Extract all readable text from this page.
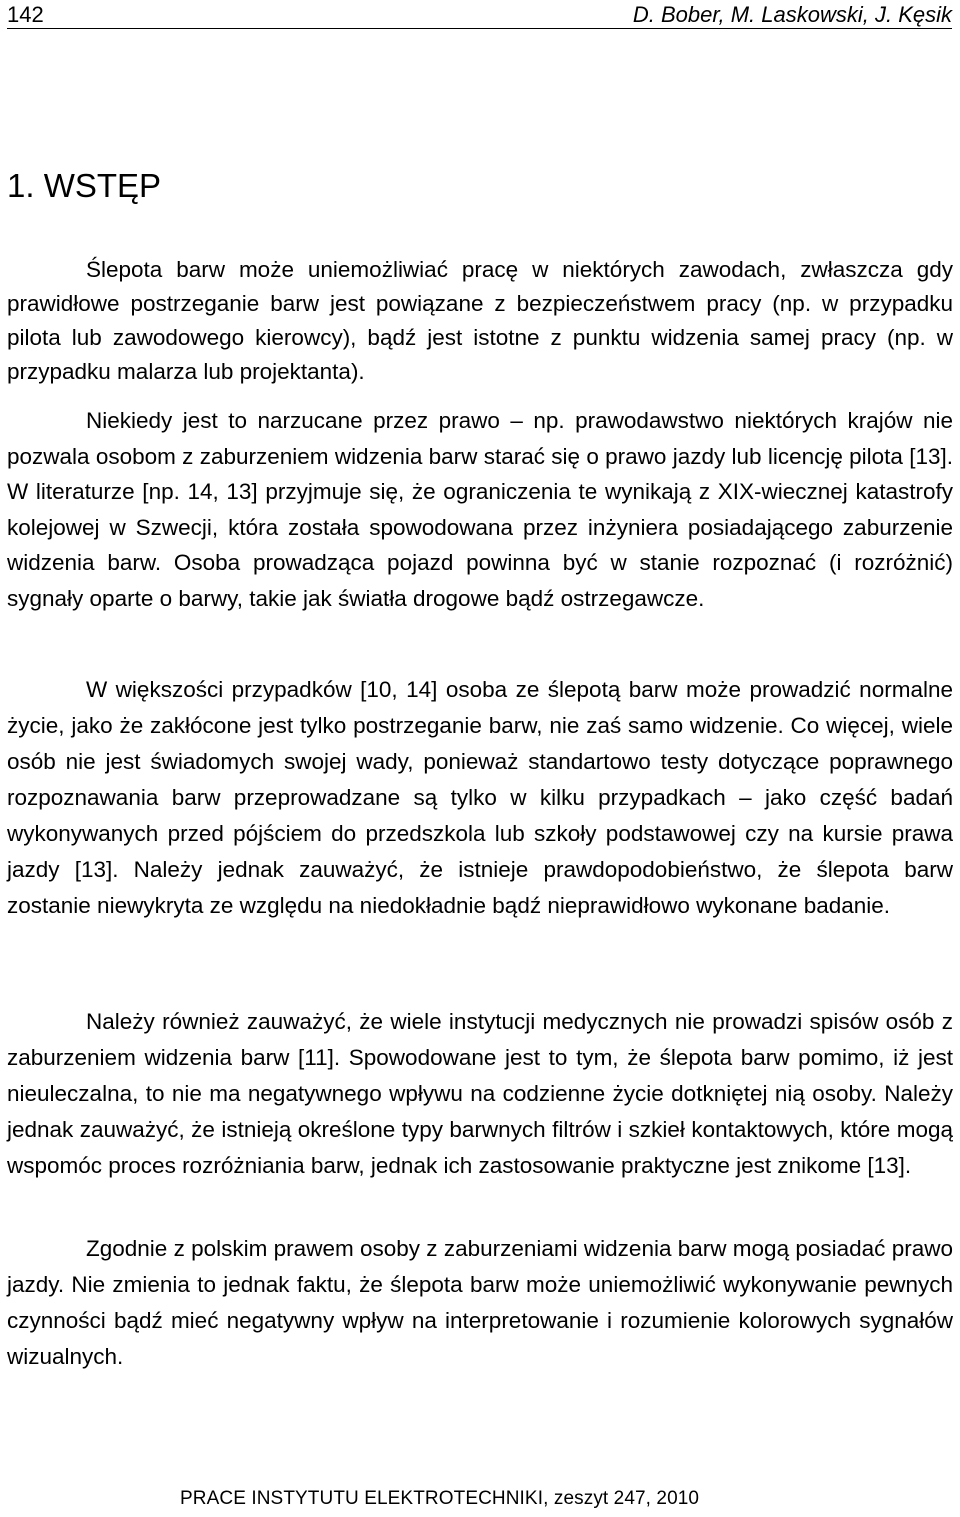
142	D. Bober, M. Laskowski, J. Kęsik
1. WSTĘP

Ślepota barw może uniemożliwiać pracę w niektórych zawodach, zwłaszcza gdy prawidłowe postrzeganie barw jest powiązane z bezpieczeństwem pracy (np. w przypadku pilota lub zawodowego kierowcy), bądź jest istotne z punktu widzenia samej pracy (np. w przypadku malarza lub projektanta).

Niekiedy jest to narzucane przez prawo – np. prawodawstwo niektórych krajów nie pozwala osobom z zaburzeniem widzenia barw starać się o prawo jazdy lub licencję pilota [13]. W literaturze [np. 14, 13] przyjmuje się, że ograniczenia te wynikają z XIX-wiecznej katastrofy kolejowej w Szwecji, która została spowodowana przez inżyniera posiadającego zaburzenie widzenia barw. Osoba prowadząca pojazd powinna być w stanie rozpoznać (i rozróżnić) sygnały oparte o barwy, takie jak światła drogowe bądź ostrzegawcze.

W większości przypadków [10, 14] osoba ze ślepotą barw może prowadzić normalne życie, jako że zakłócone jest tylko postrzeganie barw, nie zaś samo widzenie. Co więcej, wiele osób nie jest świadomych swojej wady, ponieważ standartowo testy dotyczące poprawnego rozpoznawania barw przeprowadzane są tylko w kilku przypadkach – jako część badań wykonywanych przed pójściem do przedszkola lub szkoły podstawowej czy na kursie prawa jazdy [13]. Należy jednak zauważyć, że istnieje prawdopodobieństwo, że ślepota barw zostanie niewykryta ze względu na niedokładnie bądź nieprawidłowo wykonane badanie.

Należy również zauważyć, że wiele instytucji medycznych nie prowadzi spisów osób z zaburzeniem widzenia barw [11]. Spowodowane jest to tym, że ślepota barw pomimo, iż jest nieuleczalna, to nie ma negatywnego wpływu na codzienne życie dotkniętej nią osoby. Należy jednak zauważyć, że istnieją określone typy barwnych filtrów i szkieł kontaktowych, które mogą wspomóc proces rozróżniania barw, jednak ich zastosowanie praktyczne jest znikome [13].

Zgodnie z polskim prawem osoby z zaburzeniami widzenia barw mogą posiadać prawo jazdy. Nie zmienia to jednak faktu, że ślepota barw może uniemożliwić wykonywanie pewnych czynności bądź mieć negatywny wpływ na interpretowanie i rozumienie kolorowych sygnałów wizualnych.

PRACE INSTYTUTU ELEKTROTECHNIKI, zeszyt 247, 2010
